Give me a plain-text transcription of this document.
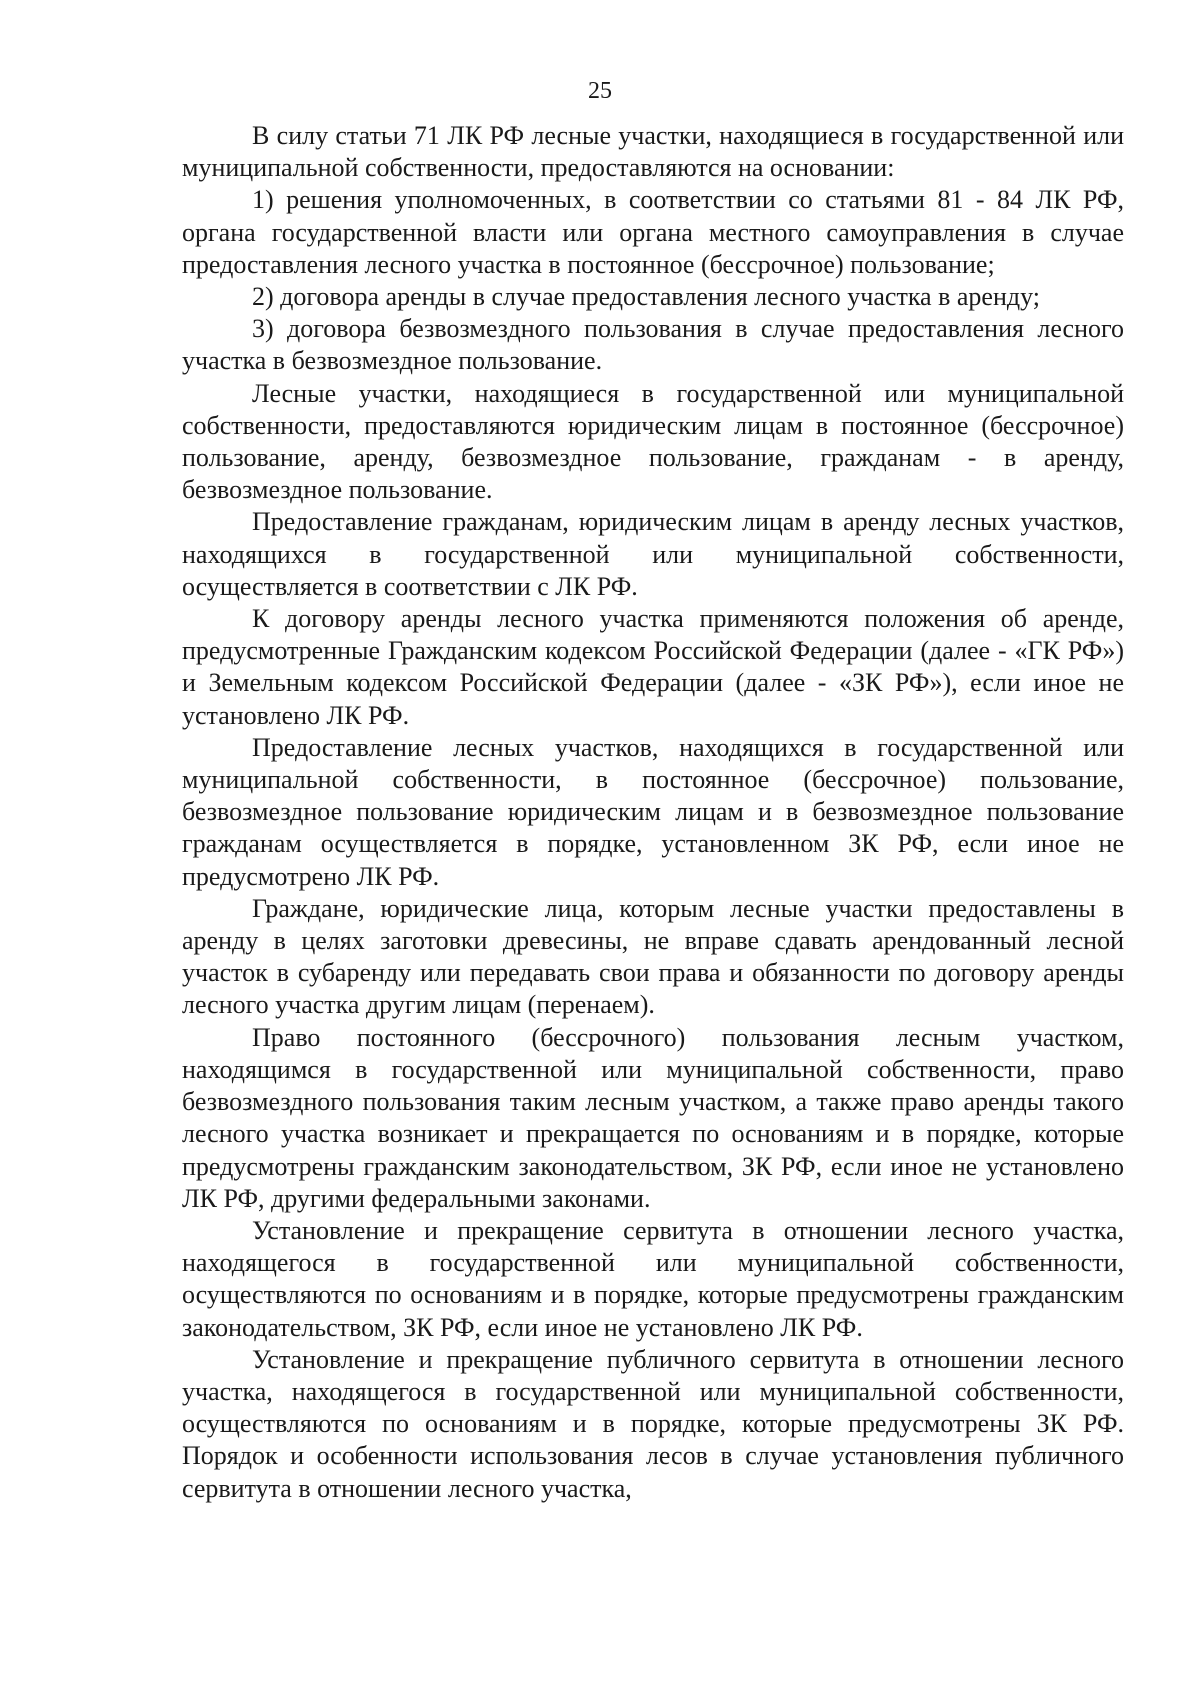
25

В силу статьи 71 ЛК РФ лесные участки, находящиеся в государственной или муниципальной собственности, предоставляются на основании:

1) решения уполномоченных, в соответствии со статьями 81 - 84 ЛК РФ, органа государственной власти или органа местного самоуправления в случае предоставления лесного участка в постоянное (бессрочное) пользование;

2) договора аренды в случае предоставления лесного участка в аренду;

3) договора безвозмездного пользования в случае предоставления лесного участка в безвозмездное пользование.

Лесные участки, находящиеся в государственной или муниципальной собственности, предоставляются юридическим лицам в постоянное (бессрочное) пользование, аренду, безвозмездное пользование, гражданам - в аренду, безвозмездное пользование.

Предоставление гражданам, юридическим лицам в аренду лесных участков, находящихся в государственной или муниципальной собственности, осуществляется в соответствии с ЛК РФ.

К договору аренды лесного участка применяются положения об аренде, предусмотренные Гражданским кодексом Российской Федерации (далее - «ГК РФ») и Земельным кодексом Российской Федерации (далее - «ЗК РФ»), если иное не установлено ЛК РФ.

Предоставление лесных участков, находящихся в государственной или муниципальной собственности, в постоянное (бессрочное) пользование, безвозмездное пользование юридическим лицам и в безвозмездное пользование гражданам осуществляется в порядке, установленном ЗК РФ, если иное не предусмотрено ЛК РФ.

Граждане, юридические лица, которым лесные участки предоставлены в аренду в целях заготовки древесины, не вправе сдавать арендованный лесной участок в субаренду или передавать свои права и обязанности по договору аренды лесного участка другим лицам (перенаем).

Право постоянного (бессрочного) пользования лесным участком, находящимся в государственной или муниципальной собственности, право безвозмездного пользования таким лесным участком, а также право аренды такого лесного участка возникает и прекращается по основаниям и в порядке, которые предусмотрены гражданским законодательством, ЗК РФ, если иное не установлено ЛК РФ, другими федеральными законами.

Установление и прекращение сервитута в отношении лесного участка, находящегося в государственной или муниципальной собственности, осуществляются по основаниям и в порядке, которые предусмотрены гражданским законодательством, ЗК РФ, если иное не установлено ЛК РФ.

Установление и прекращение публичного сервитута в отношении лесного участка, находящегося в государственной или муниципальной собственности, осуществляются по основаниям и в порядке, которые предусмотрены ЗК РФ. Порядок и особенности использования лесов в случае установления публичного сервитута в отношении лесного участка,
